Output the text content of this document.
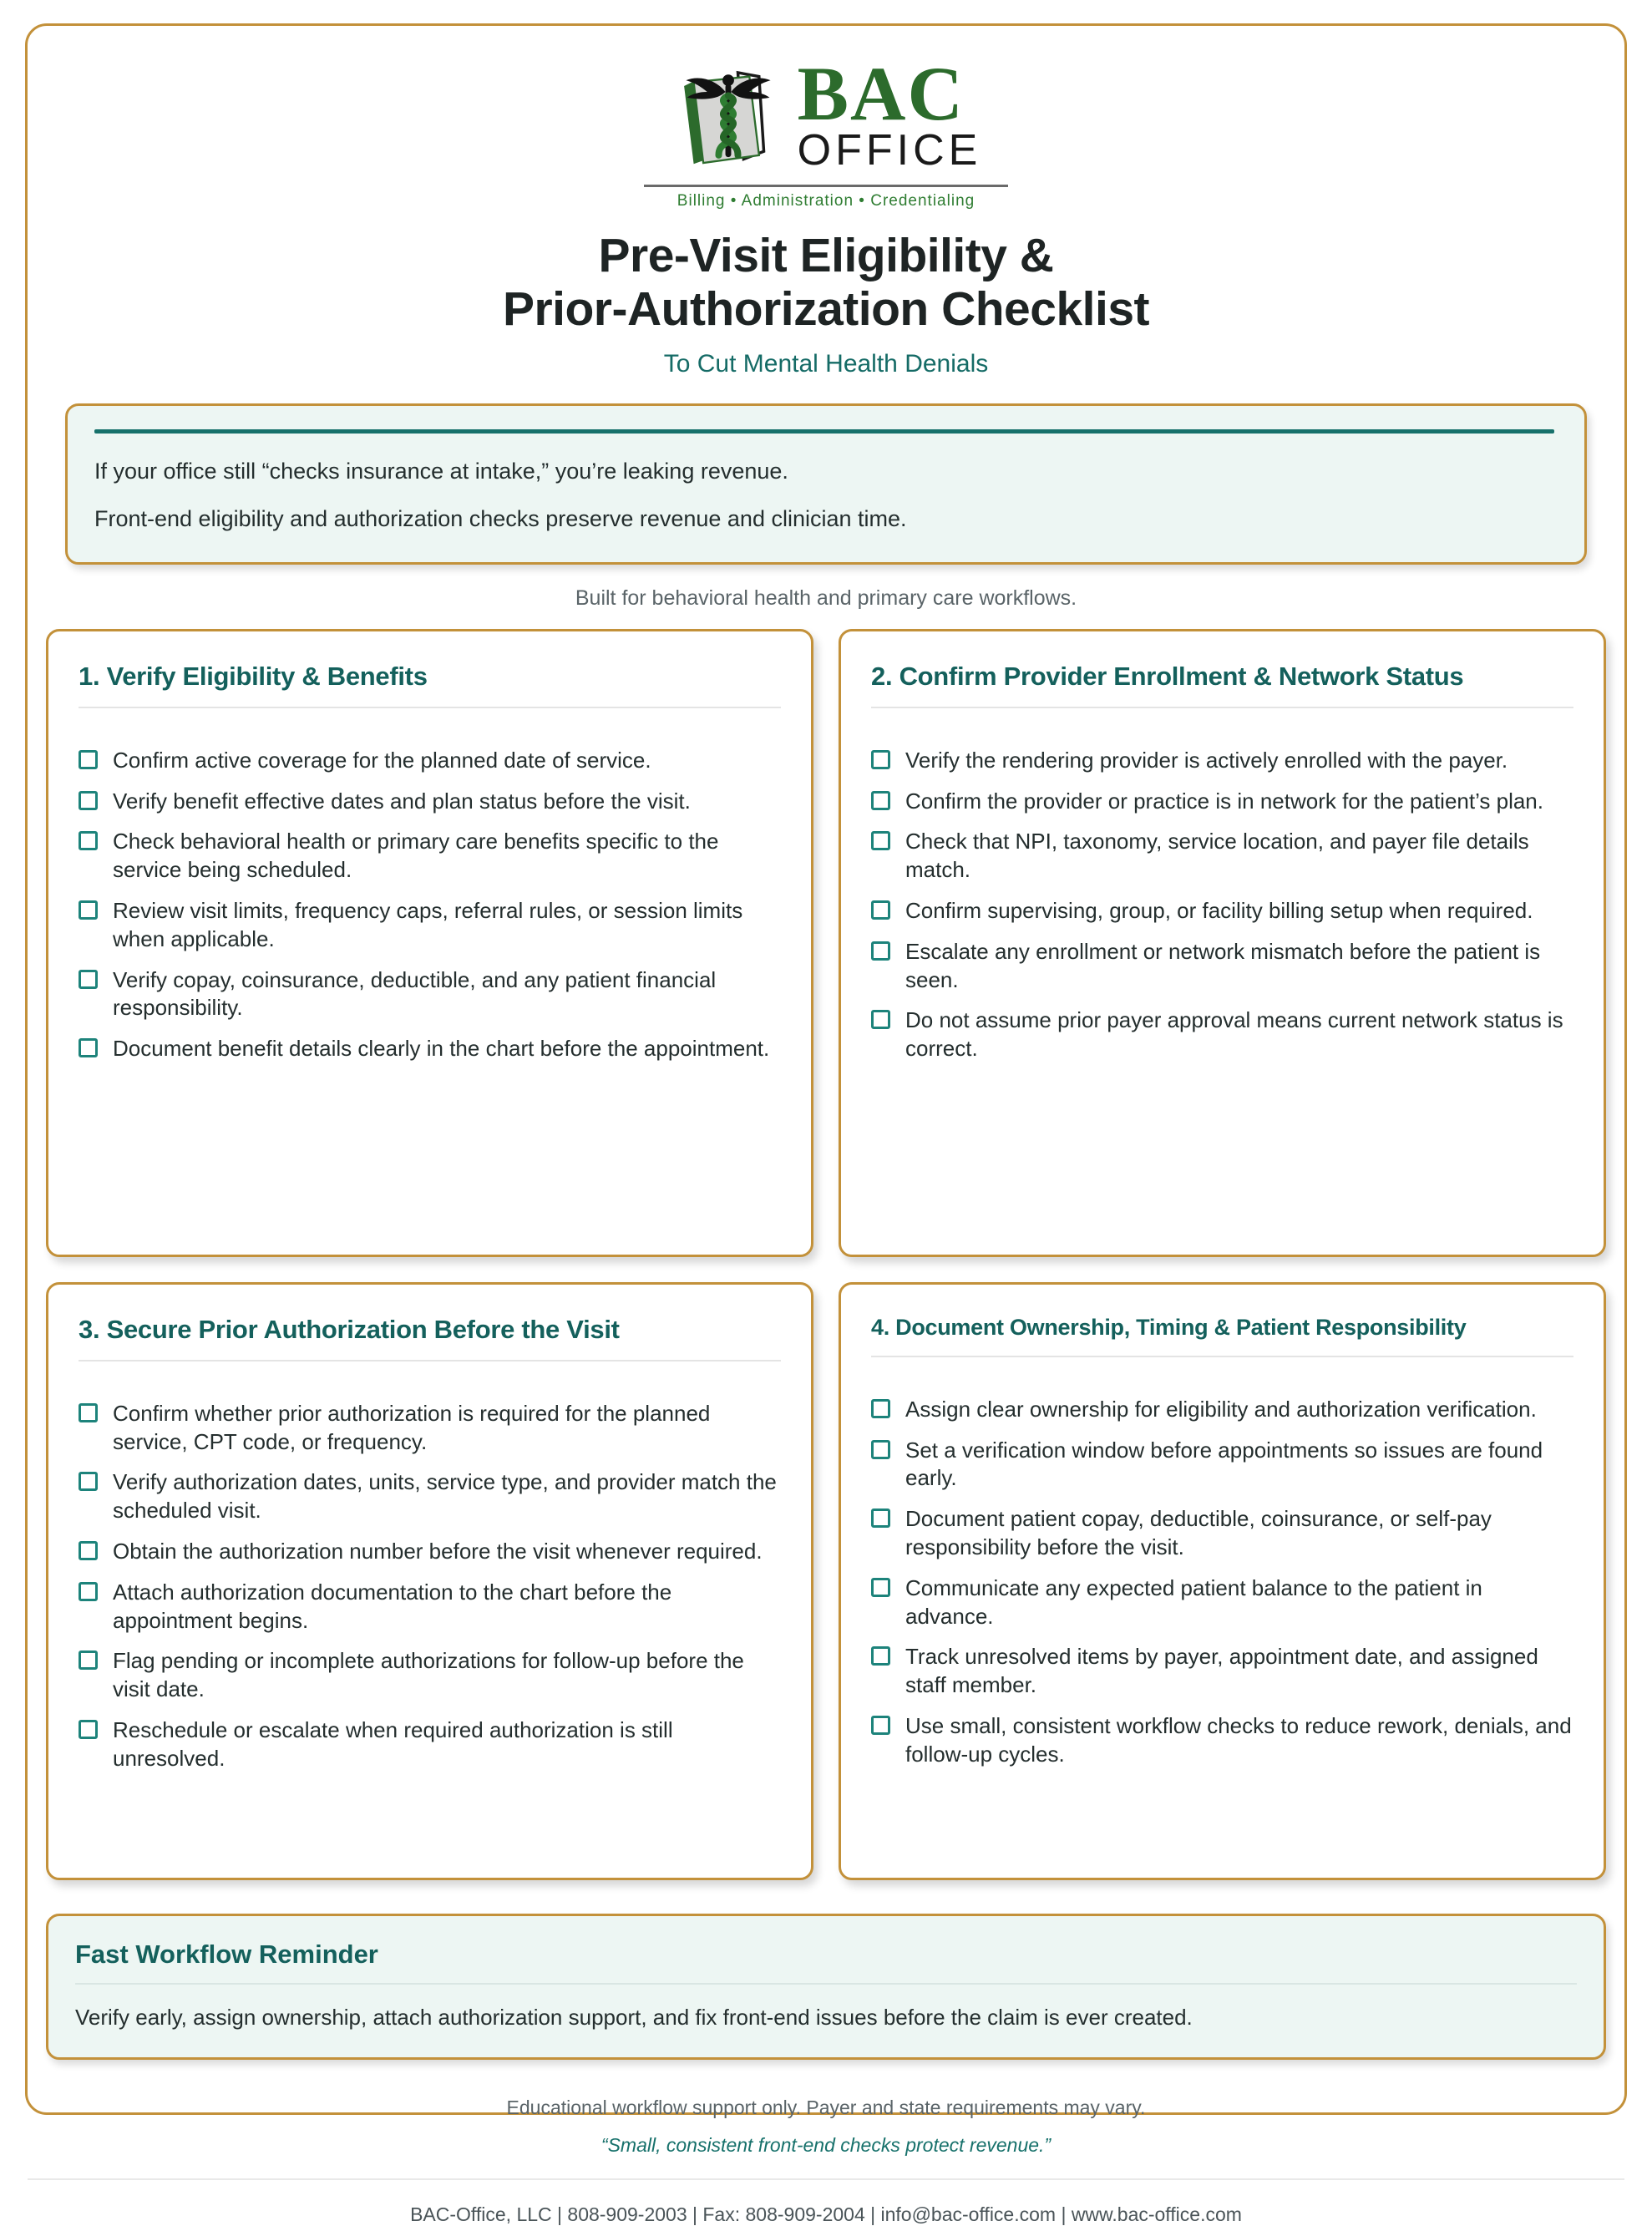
BAC
OFFICE
Billing • Administration • Credentialing
Pre-Visit Eligibility &
Prior-Authorization Checklist
To Cut Mental Health Denials

If your office still “checks insurance at intake,” you’re leaking revenue.

Front-end eligibility and authorization checks preserve revenue and clinician time.

Built for behavioral health and primary care workflows.

1. Verify Eligibility & Benefits
Confirm active coverage for the planned date of service.
Verify benefit effective dates and plan status before the visit.
Check behavioral health or primary care benefits specific to the service being scheduled.
Review visit limits, frequency caps, referral rules, or session limits when applicable.
Verify copay, coinsurance, deductible, and any patient financial responsibility.
Document benefit details clearly in the chart before the appointment.
2. Confirm Provider Enrollment & Network Status
Verify the rendering provider is actively enrolled with the payer.
Confirm the provider or practice is in network for the patient’s plan.
Check that NPI, taxonomy, service location, and payer file details match.
Confirm supervising, group, or facility billing setup when required.
Escalate any enrollment or network mismatch before the patient is seen.
Do not assume prior payer approval means current network status is correct.
3. Secure Prior Authorization Before the Visit
Confirm whether prior authorization is required for the planned service, CPT code, or frequency.
Verify authorization dates, units, service type, and provider match the scheduled visit.
Obtain the authorization number before the visit whenever required.
Attach authorization documentation to the chart before the appointment begins.
Flag pending or incomplete authorizations for follow-up before the visit date.
Reschedule or escalate when required authorization is still unresolved.
4. Document Ownership, Timing & Patient Responsibility
Assign clear ownership for eligibility and authorization verification.
Set a verification window before appointments so issues are found early.
Document patient copay, deductible, coinsurance, or self-pay responsibility before the visit.
Communicate any expected patient balance to the patient in advance.
Track unresolved items by payer, appointment date, and assigned staff member.
Use small, consistent workflow checks to reduce rework, denials, and follow-up cycles.
Fast Workflow Reminder

Verify early, assign ownership, attach authorization support, and fix front-end issues before the claim is ever created.

Educational workflow support only. Payer and state requirements may vary.

“Small, consistent front-end checks protect revenue.”

BAC-Office, LLC | 808-909-2003 | Fax: 808-909-2004 | info@bac-office.com | www.bac-office.com
